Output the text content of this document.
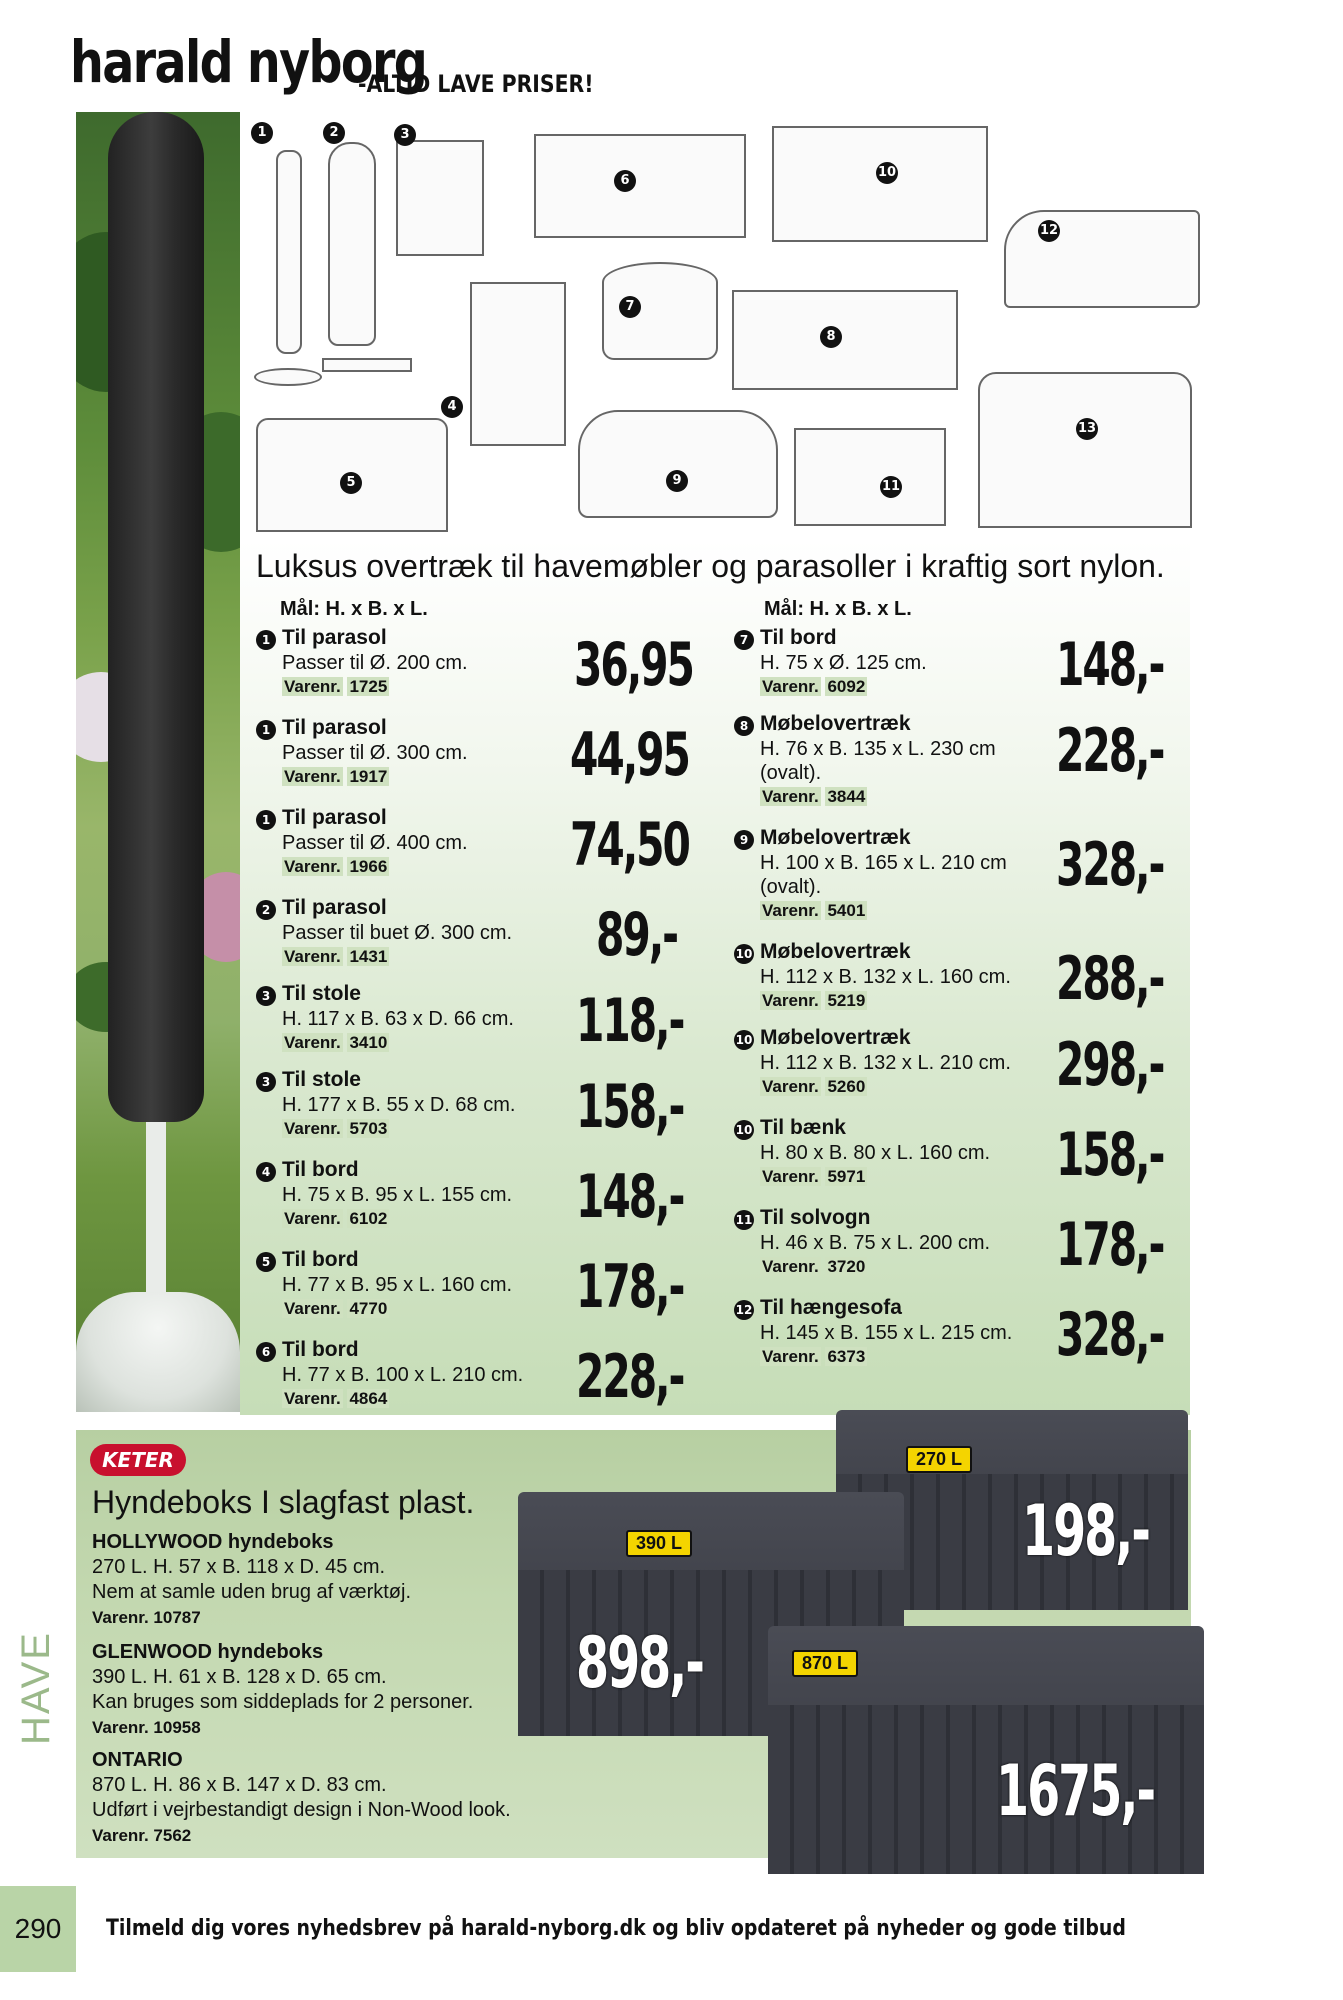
harald nyborg
-ALTID LAVE PRISER!
1	2	3
4
5
6
7
8
9
10
11
12
13
Luksus overtræk til havemøbler og parasoller i kraftig sort nylon.
Mål: H. x B. x L.	Mål: H. x B. x L.
1 Til parasol
Passer til Ø. 200 cm.
Varenr. 1725	36,95
1 Til parasol
Passer til Ø. 300 cm.
Varenr. 1917	44,95
1 Til parasol
Passer til Ø. 400 cm.
Varenr. 1966	74,50
2 Til parasol
Passer til buet Ø. 300 cm.
Varenr. 1431	89,-
3 Til stole
H. 117 x B. 63 x D. 66 cm.
Varenr. 3410	118,-
3 Til stole
H. 177 x B. 55 x D. 68 cm.
Varenr. 5703	158,-
4 Til bord
H. 75 x B. 95 x L. 155 cm.
Varenr. 6102	148,-
5 Til bord
H. 77 x B. 95 x L. 160 cm.
Varenr. 4770	178,-
6 Til bord
H. 77 x B. 100 x L. 210 cm.
Varenr. 4864	228,-
7 Til bord
H. 75 x Ø. 125 cm.
Varenr. 6092	148,-
8 Møbelovertræk
H. 76 x B. 135 x L. 230 cm (ovalt).
Varenr. 3844
228,-
9 Møbelovertræk
H. 100 x B. 165 x L. 210 cm (ovalt).
Varenr. 5401
328,-
10 Møbelovertræk
H. 112 x B. 132 x L. 160 cm.
Varenr. 5219	288,-
10 Møbelovertræk
H. 112 x B. 132 x L. 210 cm.
Varenr. 5260	298,-
10 Til bænk
H. 80 x B. 80 x L. 160 cm.
Varenr. 5971	158,-
11 Til solvogn
H. 46 x B. 75 x L. 200 cm.
Varenr. 3720	178,-
12 Til hængesofa
H. 145 x B. 155 x L. 215 cm.
Varenr. 6373	328,-
KETER
Hyndeboks I slagfast plast.
HOLLYWOOD hyndeboks
270 L. H. 57 x B. 118 x D. 45 cm.
Nem at samle uden brug af værktøj.
Varenr. 10787
GLENWOOD hyndeboks
390 L. H. 61 x B. 128 x D. 65 cm.
Kan bruges som siddeplads for 2 personer.
Varenr. 10958
ONTARIO
870 L. H. 86 x B. 147 x D. 83 cm.
Udført i vejrbestandigt design i Non-Wood look.
Varenr. 7562
270 L
198,-
390 L
898,-	870 L
1675,-
HAVE
290	Tilmeld dig vores nyhedsbrev på harald-nyborg.dk og bliv opdateret på nyheder og gode tilbud
